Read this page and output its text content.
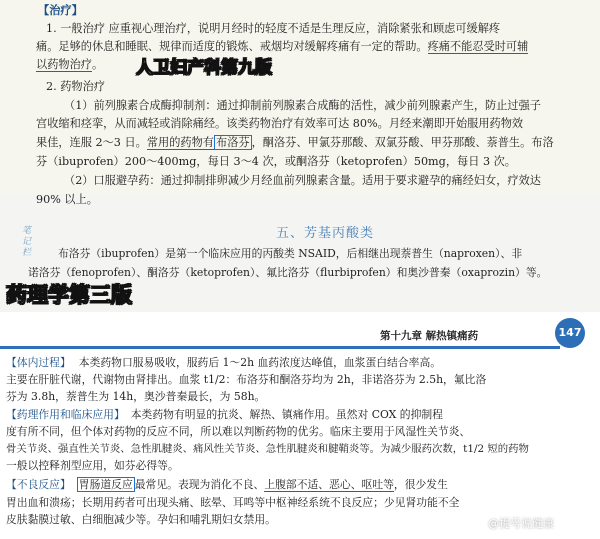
【治疗】
1. 一般治疗 应重视心理治疗，说明月经时的轻度不适是生理反应，消除紧张和顾虑可缓解疼
痛。足够的休息和睡眠、规律而适度的锻炼、戒烟均对缓解疼痛有一定的帮助。疼痛不能忍受时可辅
以药物治疗。 人卫妇产科第九版
2. 药物治疗
（1）前列腺素合成酶抑制剂：通过抑制前列腺素合成酶的活性，减少前列腺素产生，防止过强子
宫收缩和痉挛，从而减轻或消除痛经。该类药物治疗有效率可达 80%。月经来潮即开始服用药物效
果佳，连服 2～3 日。常用的药物有 布洛芬 ，酮洛芬、甲氯芬那酸、双氯芬酸、甲芬那酸、萘普生。布洛
芬（ibuprofen）200～400mg，每日 3～4 次，或酮洛芬（ketoprofen）50mg，每日 3 次。
（2）口服避孕药：通过抑制排卵减少月经血前列腺素含量。适用于要求避孕的痛经妇女，疗效达
90% 以上。
五、芳基丙酸类
笔记栏 布洛芬（ibuprofen）是第一个临床应用的丙酸类 NSAID，后相继出现萘普生（naproxen）、非
诺洛芬（fenoprofen）、酮洛芬（ketoprofen）、氟比洛芬（flurbiprofen）和奥沙普秦（oxaprozin）等。
药理学第三版
第十九章 解热镇痛药	147
【体内过程】 本类药物口服易吸收，服药后 1～2h 血药浓度达峰值，血浆蛋白结合率高。
主要在肝脏代谢，代谢物由肾排出。血浆 t1/2：布洛芬和酮洛芬均为 2h，非诺洛芬为 2.5h，氟比洛
芬为 3.8h，萘普生为 14h，奥沙普秦最长，为 58h。
【药理作用和临床应用】 本类药物有明显的抗炎、解热、镇痛作用。虽然对 COX 的抑制程
度有所不同，但个体对药物的反应不同，所以难以判断药物的优劣。临床主要用于风湿性关节炎、
骨关节炎、强直性关节炎、急性肌腱炎、痛风性关节炎、急性肌腱炎和腱鞘炎等。为减少服药次数，t1/2 短的药物
一般以控释剂型应用，如芬必得等。
【不良反应】 胃肠道反应 最常见。表现为消化不良、上腹部不适、恶心、呕吐等，很少发生
胃出血和溃疡；长期用药者可出现头痛、眩晕、耳鸣等中枢神经系统不良反应；少见肾功能不全
皮肤黏膜过敏、白细胞减少等。孕妇和哺乳期妇女禁用。	@提号说健康
